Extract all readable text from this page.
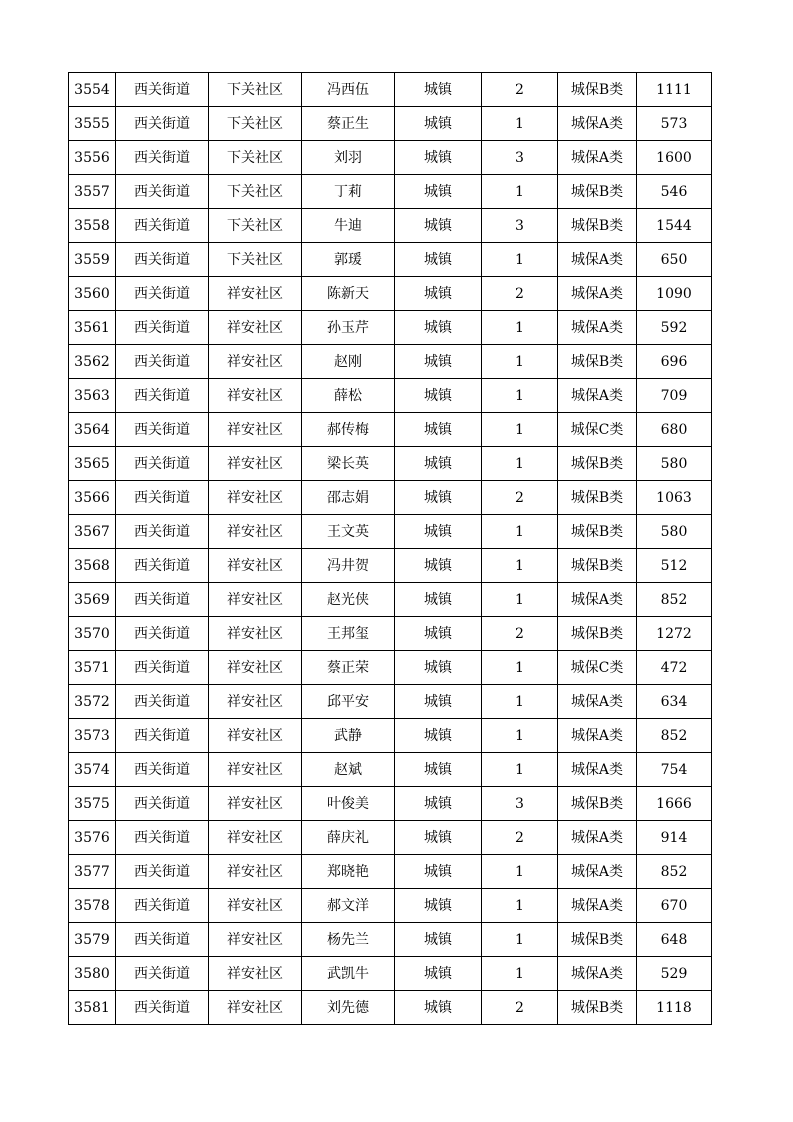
3554	西关街道	下关社区	冯西伍	城镇	2	城保B类	1111
3555	西关街道	下关社区	蔡正生	城镇	1	城保A类	573
3556	西关街道	下关社区	刘羽	城镇	3	城保A类	1600
3557	西关街道	下关社区	丁莉	城镇	1	城保B类	546
3558	西关街道	下关社区	牛迪	城镇	3	城保B类	1544
3559	西关街道	下关社区	郭瑗	城镇	1	城保A类	650
3560	西关街道	祥安社区	陈新天	城镇	2	城保A类	1090
3561	西关街道	祥安社区	孙玉芹	城镇	1	城保A类	592
3562	西关街道	祥安社区	赵刚	城镇	1	城保B类	696
3563	西关街道	祥安社区	薛松	城镇	1	城保A类	709
3564	西关街道	祥安社区	郝传梅	城镇	1	城保C类	680
3565	西关街道	祥安社区	梁长英	城镇	1	城保B类	580
3566	西关街道	祥安社区	邵志娟	城镇	2	城保B类	1063
3567	西关街道	祥安社区	王文英	城镇	1	城保B类	580
3568	西关街道	祥安社区	冯井贺	城镇	1	城保B类	512
3569	西关街道	祥安社区	赵光侠	城镇	1	城保A类	852
3570	西关街道	祥安社区	王邦玺	城镇	2	城保B类	1272
3571	西关街道	祥安社区	蔡正荣	城镇	1	城保C类	472
3572	西关街道	祥安社区	邱平安	城镇	1	城保A类	634
3573	西关街道	祥安社区	武静	城镇	1	城保A类	852
3574	西关街道	祥安社区	赵斌	城镇	1	城保A类	754
3575	西关街道	祥安社区	叶俊美	城镇	3	城保B类	1666
3576	西关街道	祥安社区	薛庆礼	城镇	2	城保A类	914
3577	西关街道	祥安社区	郑晓艳	城镇	1	城保A类	852
3578	西关街道	祥安社区	郝文洋	城镇	1	城保A类	670
3579	西关街道	祥安社区	杨先兰	城镇	1	城保B类	648
3580	西关街道	祥安社区	武凯牛	城镇	1	城保A类	529
3581	西关街道	祥安社区	刘先德	城镇	2	城保B类	1118
